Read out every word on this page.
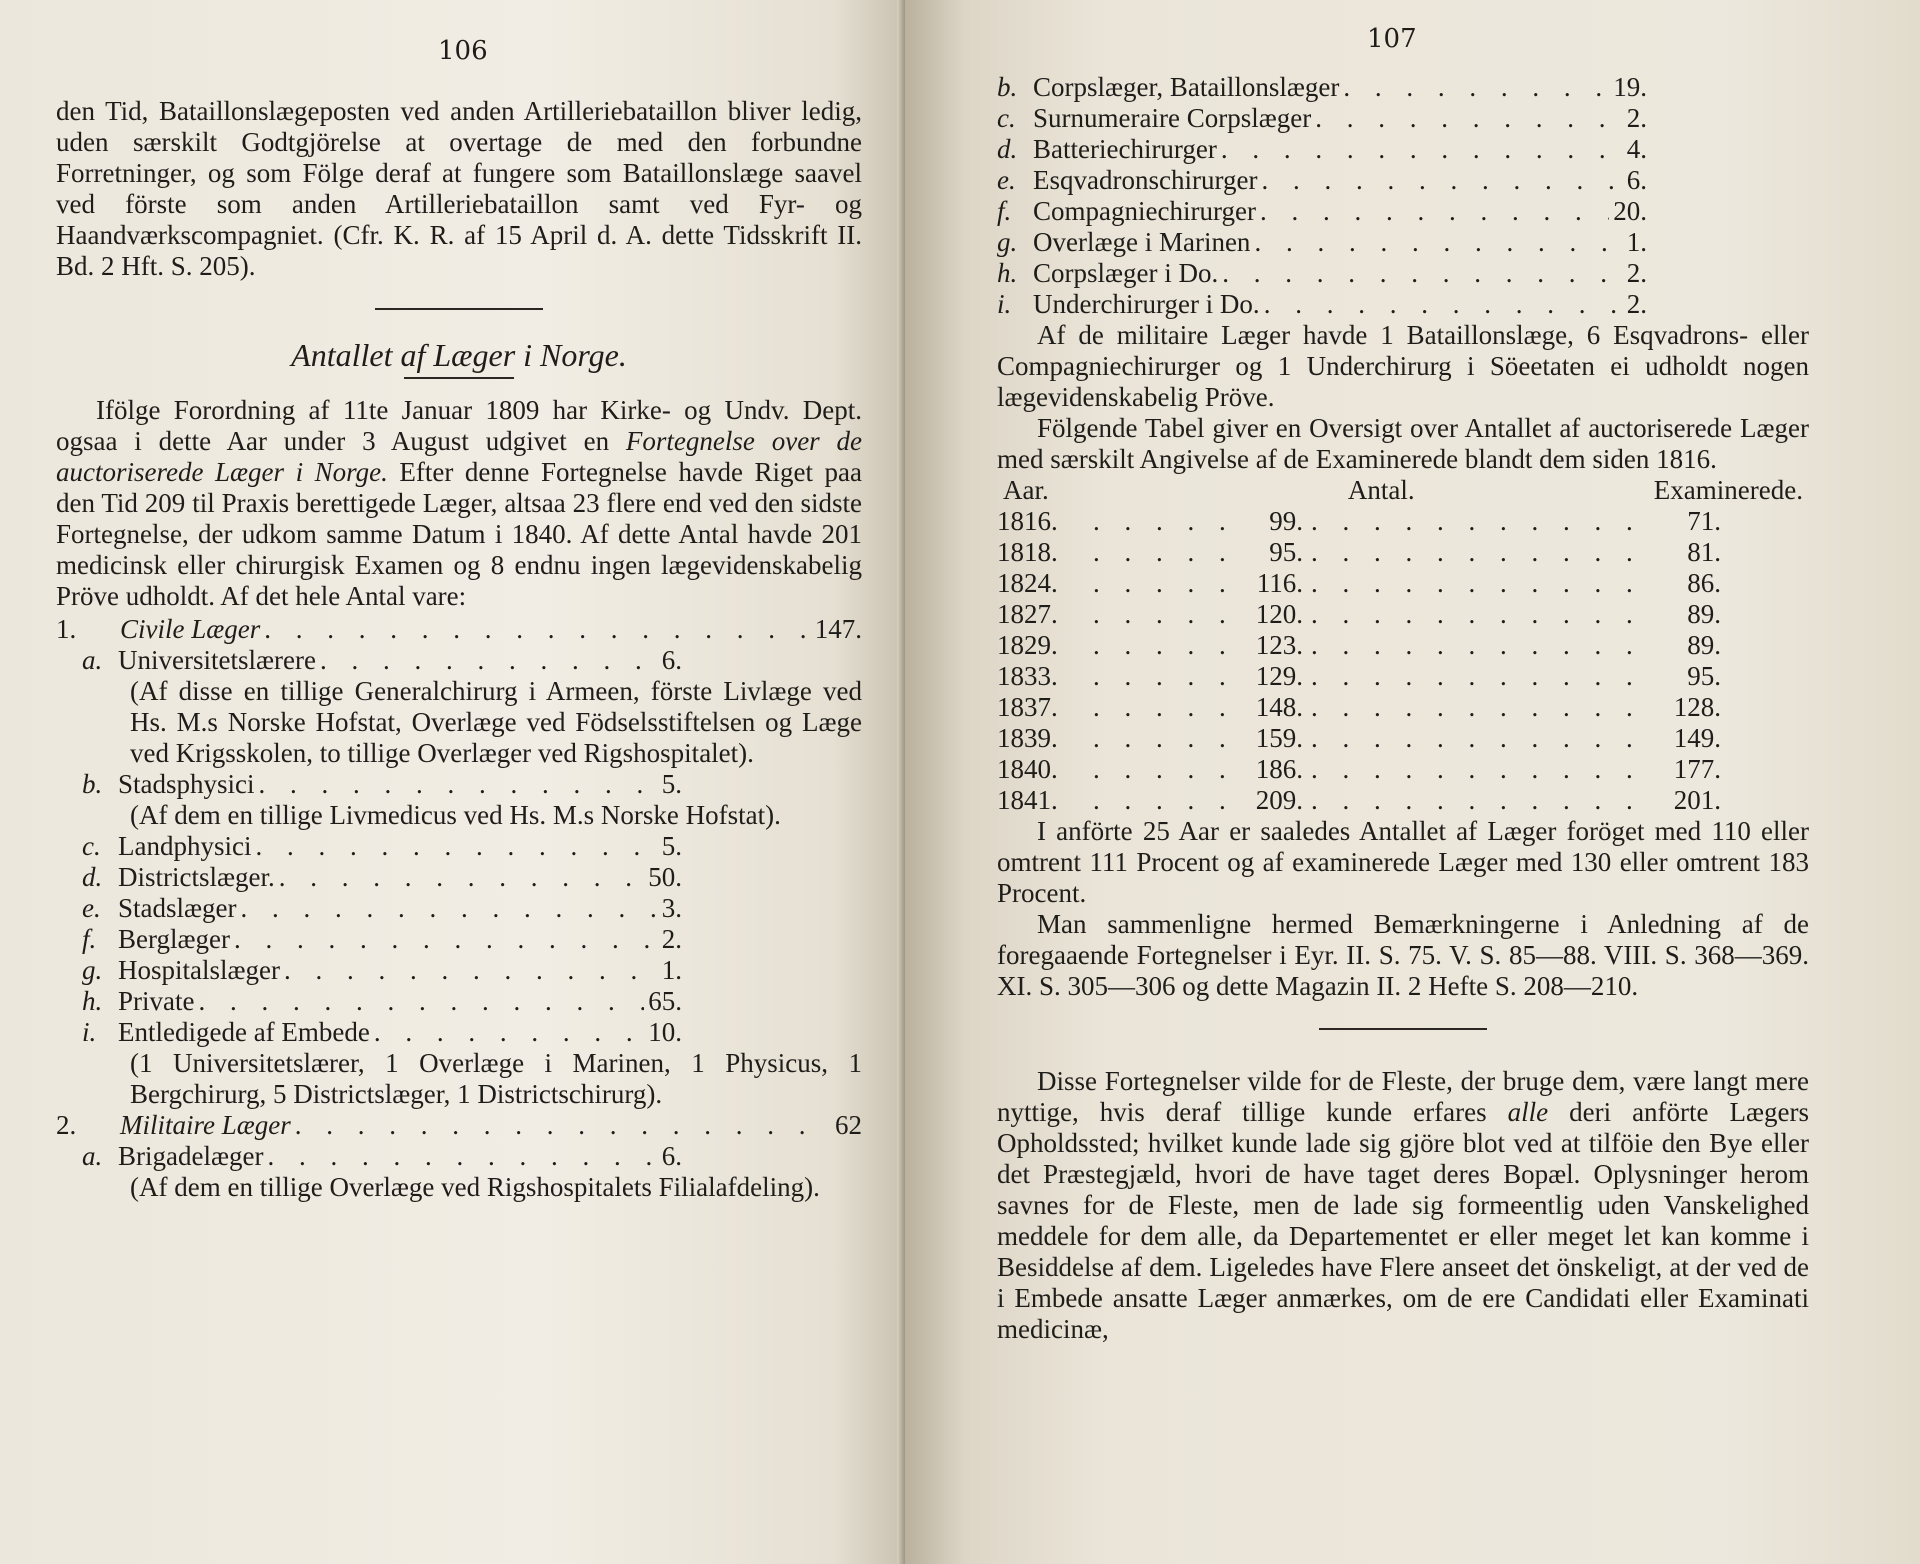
106

den Tid, Bataillonslægeposten ved anden Artilleriebataillon bliver ledig, uden særskilt Godtgjörelse at overtage de med den forbundne Forretninger, og som Fölge deraf at fungere som Bataillonslæge saavel ved förste som anden Artilleriebataillon samt ved Fyr- og Haandværkscompagniet. (Cfr. K. R. af 15 April d. A. dette Tidsskrift II. Bd. 2 Hft. S. 205).

Antallet af Læger i Norge.

Ifölge Forordning af 11te Januar 1809 har Kirke- og Undv. Dept. ogsaa i dette Aar under 3 August udgivet en Fortegnelse over de auctoriserede Læger i Norge. Efter denne Fortegnelse havde Riget paa den Tid 209 til Praxis berettigede Læger, altsaa 23 flere end ved den sidste Fortegnelse, der udkom samme Datum i 1840. Af dette Antal havde 201 medicinsk eller chirurgisk Examen og 8 endnu ingen lægevidenskabelig Pröve udholdt. Af det hele Antal vare:

1.	Civile Læger . . .	147.
a. Universitetslærere . . .	6.

(Af disse en tillige Generalchirurg i Armeen, förste Livlæge ved Hs. M.s Norske Hofstat, Overlæge ved Födselsstiftelsen og Læge ved Krigsskolen, to tillige Overlæger ved Rigshospitalet).

b. Stadsphysici . . .	5.

(Af dem en tillige Livmedicus ved Hs. M.s Norske Hofstat).

c. Landphysici . . .	5.
d. Districtslæger. . . .	50.
e. Stadslæger . . .	3.
f. Berglæger . . .	2.
g. Hospitalslæger . . .	1.
h. Private . . .	65.
i. Entledigede af Embede . . .	10.

(1 Universitetslærer, 1 Overlæge i Marinen, 1 Physicus, 1 Bergchirurg, 5 Districtslæger, 1 Districtschirurg).

2.	Militaire Læger . . .	62
a. Brigadelæger . . .	6.

(Af dem en tillige Overlæge ved Rigshospitalets Filialafdeling).

107
b. Corpslæger, Bataillonslæger . . .	19.
c. Surnumeraire Corpslæger . . .	2.
d. Batteriechirurger . . .	4.
e. Esqvadronschirurger . . .	6.
f. Compagniechirurger . . .	20.
g. Overlæge i Marinen . . .	1.
h. Corpslæger i Do. . . .	2.
i. Underchirurger i Do. . . .	2.

Af de militaire Læger havde 1 Bataillonslæge, 6 Esqvadrons- eller Compagniechirurger og 1 Underchirurg i Söeetaten ei udholdt nogen lægevidenskabelig Pröve.

Fölgende Tabel giver en Oversigt over Antallet af auctoriserede Læger med særskilt Angivelse af de Examinerede blandt dem siden 1816.

Aar.	Antal.	Examinerede.
1816. . . .	99. . . .	71.
1818. . . .	95. . . .	81.
1824. . . .	116. . . .	86.
1827. . . .	120. . . .	89.
1829. . . .	123. . . .	89.
1833. . . .	129. . . .	95.
1837. . . .	148. . . .	128.
1839. . . .	159. . . .	149.
1840. . . .	186. . . .	177.
1841. . . .	209. . . .	201.

I anförte 25 Aar er saaledes Antallet af Læger foröget med 110 eller omtrent 111 Procent og af examinerede Læger med 130 eller omtrent 183 Procent.

Man sammenligne hermed Bemærkningerne i Anledning af de foregaaende Fortegnelser i Eyr. II. S. 75. V. S. 85—88. VIII. S. 368—369. XI. S. 305—306 og dette Magazin II. 2 Hefte S. 208—210.

Disse Fortegnelser vilde for de Fleste, der bruge dem, være langt mere nyttige, hvis deraf tillige kunde erfares alle deri anförte Lægers Opholdssted; hvilket kunde lade sig gjöre blot ved at tilföie den Bye eller det Præstegjæld, hvori de have taget deres Bopæl. Oplysninger herom savnes for de Fleste, men de lade sig formeentlig uden Vanskelighed meddele for dem alle, da Departementet er eller meget let kan komme i Besiddelse af dem. Ligeledes have Flere anseet det önskeligt, at der ved de i Embede ansatte Læger anmærkes, om de ere Candidati eller Examinati medicinæ,
